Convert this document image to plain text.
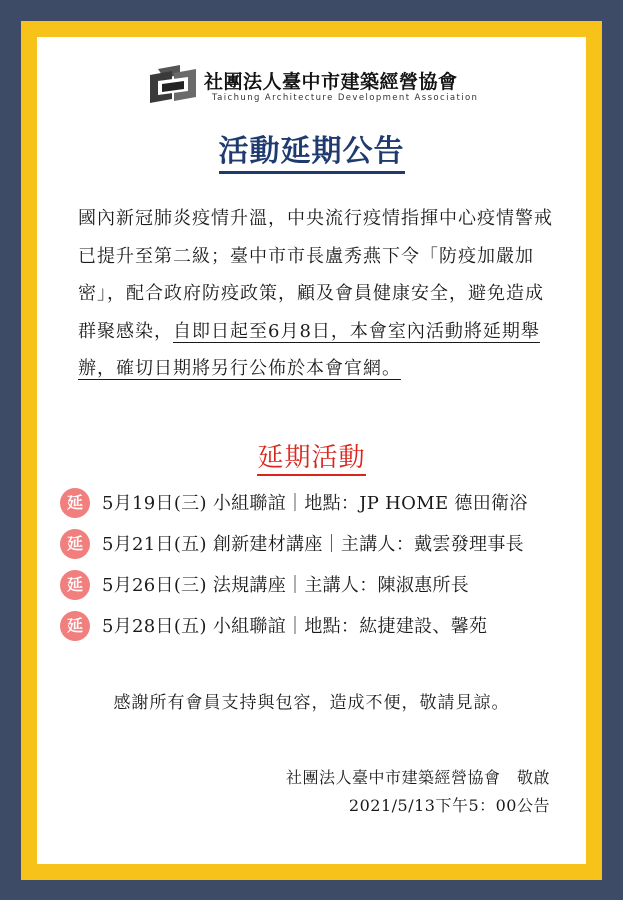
社團法人臺中市建築經營協會
Taichung Architecture Development Association
活動延期公告
國內新冠肺炎疫情升溫，中央流行疫情指揮中心疫情警戒已提升至第二級；臺中市市長盧秀燕下令「防疫加嚴加密」，配合政府防疫政策，顧及會員健康安全，避免造成群聚感染，自即日起至6月8日，本會室內活動將延期舉辦，確切日期將另行公佈於本會官網。
延期活動
延	5月19日(三) 小組聯誼｜地點：JP HOME 德田衛浴
延	5月21日(五) 創新建材講座｜主講人：戴雲發理事長
延	5月26日(三) 法規講座｜主講人：陳淑惠所長
延	5月28日(五) 小組聯誼｜地點：紘捷建設、馨苑
感謝所有會員支持與包容，造成不便，敬請見諒。
社團法人臺中市建築經營協會　敬啟
2021/5/13下午5：00公告
